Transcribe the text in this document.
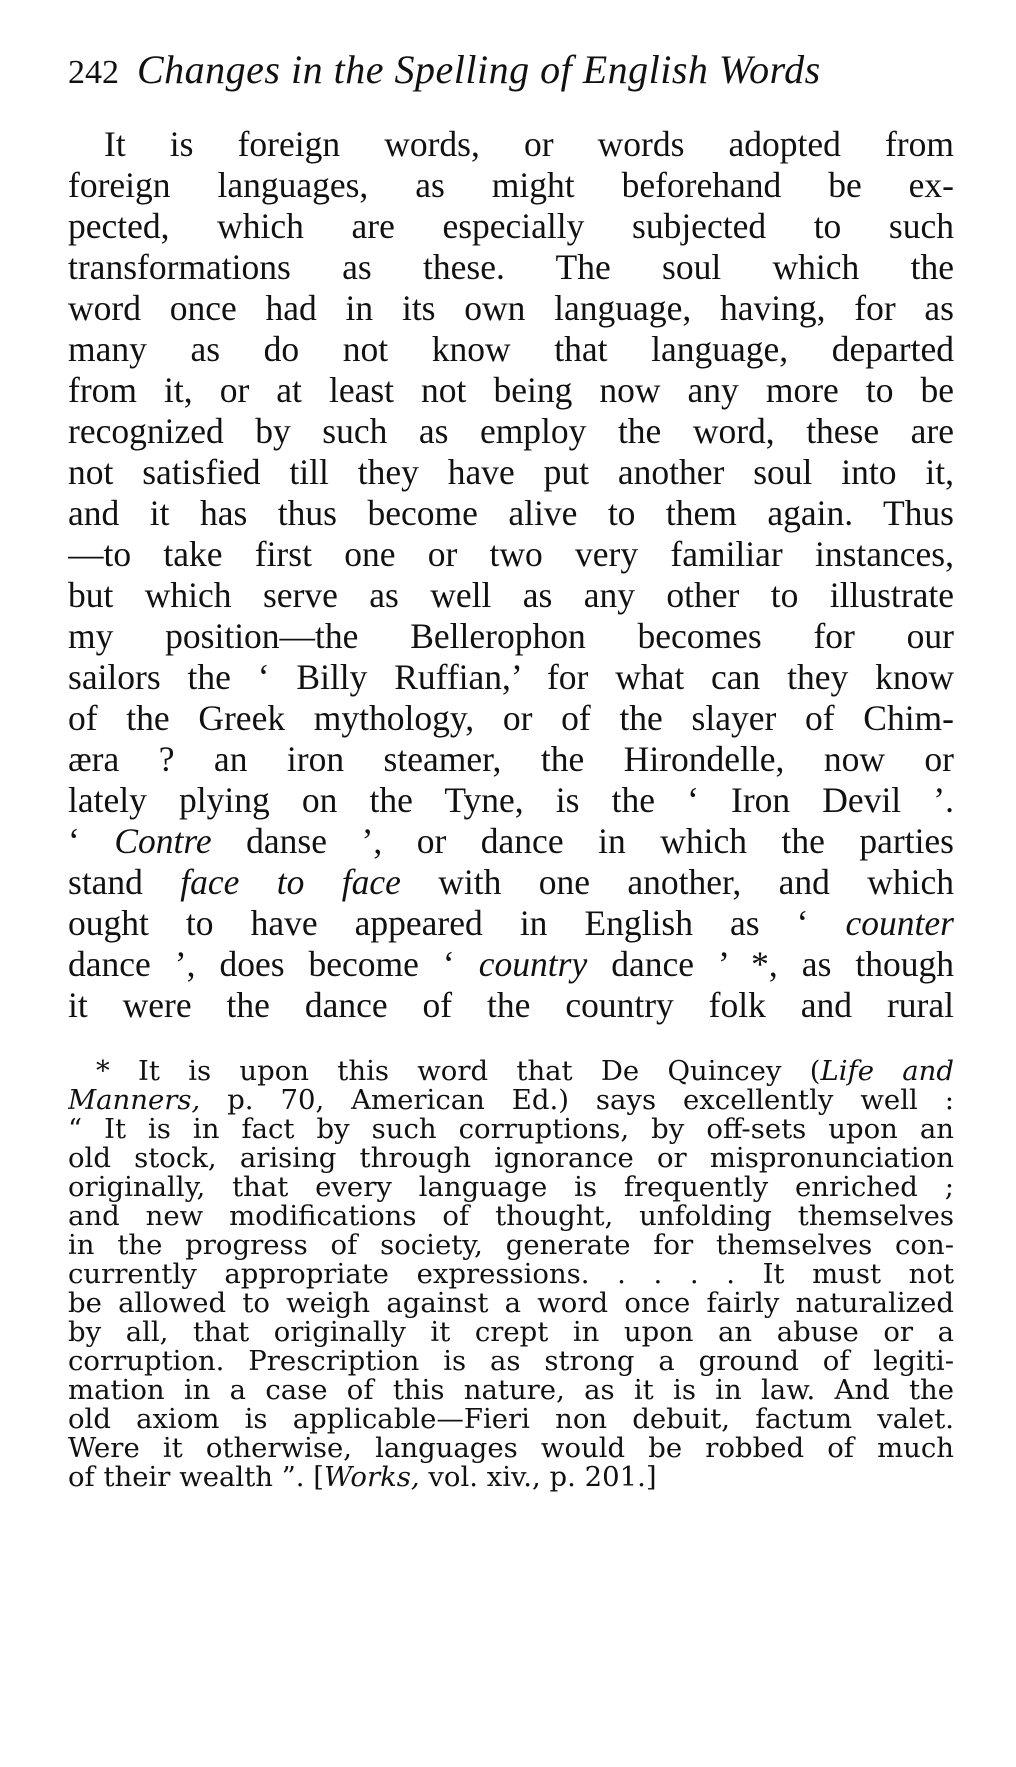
242 Changes in the Spelling of English Words
It is foreign words, or words adopted from
foreign languages, as might beforehand be ex-
pected, which are especially subjected to such
transformations as these. The soul which the
word once had in its own language, having, for as
many as do not know that language, departed
from it, or at least not being now any more to be
recognized by such as employ the word, these are
not satisfied till they have put another soul into it,
and it has thus become alive to them again. Thus
—to take first one or two very familiar instances,
but which serve as well as any other to illustrate
my position—the Bellerophon becomes for our
sailors the ‘ Billy Ruffian,’ for what can they know
of the Greek mythology, or of the slayer of Chim-
æra ? an iron steamer, the Hirondelle, now or
lately plying on the Tyne, is the ‘ Iron Devil ’.
‘ Contre danse ’, or dance in which the parties
stand face to face with one another, and which
ought to have appeared in English as ‘ counter
dance ’, does become ‘ country dance ’ *, as though
it were the dance of the country folk and rural
* It is upon this word that De Quincey (Life and
Manners, p. 70, American Ed.) says excellently well :
“ It is in fact by such corruptions, by off-sets upon an
old stock, arising through ignorance or mispronunciation
originally, that every language is frequently enriched ;
and new modifications of thought, unfolding themselves
in the progress of society, generate for themselves con-
currently appropriate expressions. . . . . It must not
be allowed to weigh against a word once fairly naturalized
by all, that originally it crept in upon an abuse or a
corruption. Prescription is as strong a ground of legiti-
mation in a case of this nature, as it is in law. And the
old axiom is applicable—Fieri non debuit, factum valet.
Were it otherwise, languages would be robbed of much
of their wealth ”. [Works, vol. xiv., p. 201.]
